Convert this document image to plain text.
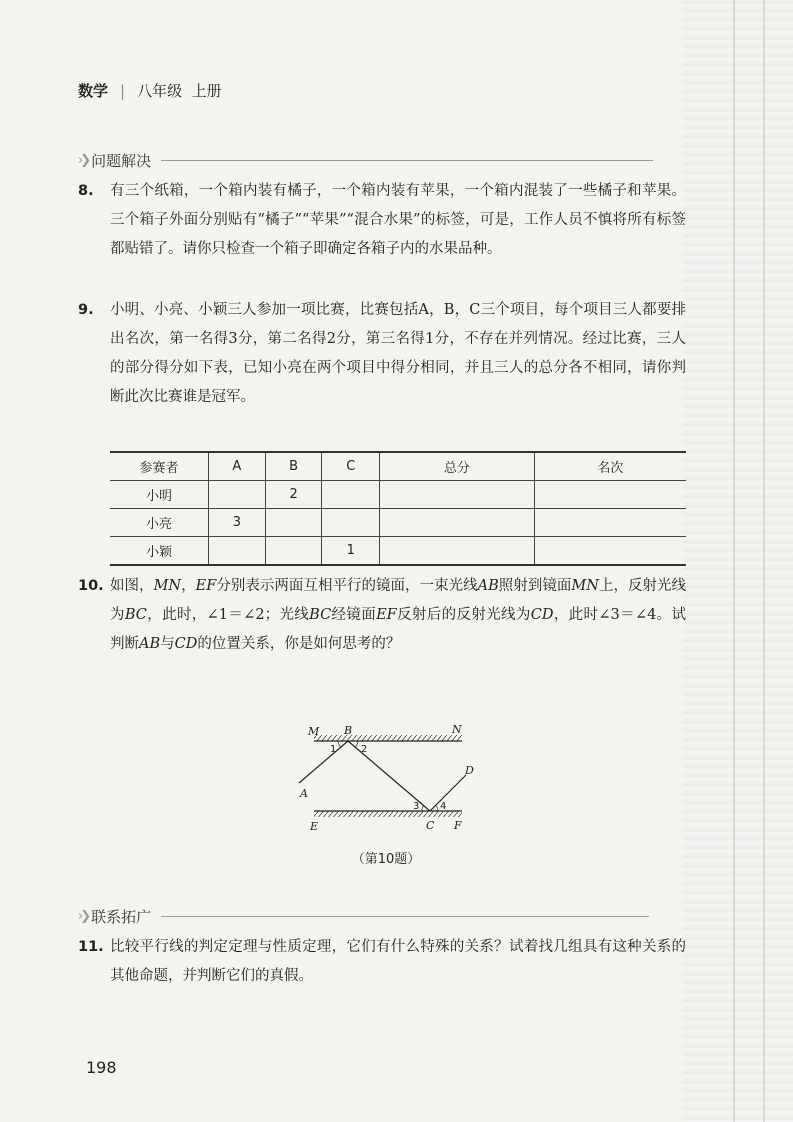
数学 | 八年级 上册
›❯ 问题解决
8. 有三个纸箱，一个箱内装有橘子，一个箱内装有苹果，一个箱内混装了一些橘子和苹果。三个箱子外面分别贴有“橘子”“苹果”“混合水果”的标签，可是，工作人员不慎将所有标签都贴错了。请你只检查一个箱子即确定各箱子内的水果品种。
9. 小明、小亮、小颖三人参加一项比赛，比赛包括A，B，C三个项目，每个项目三人都要排出名次，第一名得3分，第二名得2分，第三名得1分，不存在并列情况。经过比赛，三人的部分得分如下表，已知小亮在两个项目中得分相同，并且三人的总分各不相同，请你判断此次比赛谁是冠军。
参赛者	A	B	C	总分	名次
小明		2			
小亮	3				
小颖			1		
10. 如图，MN，EF分别表示两面互相平行的镜面，一束光线AB照射到镜面MN上，反射光线为BC，此时，∠1＝∠2；光线BC经镜面EF反射后的反射光线为CD，此时∠3＝∠4。试判断AB与CD的位置关系，你是如何思考的？
M B	N
A
D
E	C F
1 2
3 4
（第10题）
›❯ 联系拓广
11. 比较平行线的判定定理与性质定理，它们有什么特殊的关系？试着找几组具有这种关系的其他命题，并判断它们的真假。
198
